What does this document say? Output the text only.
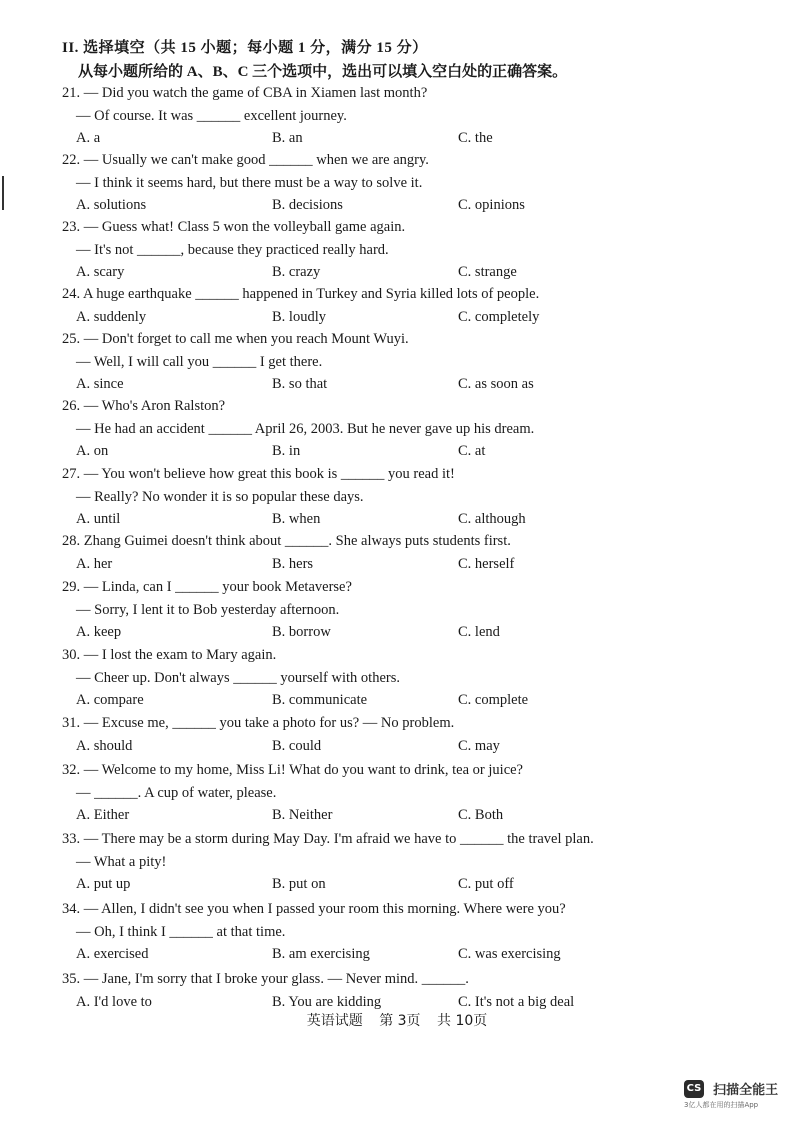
II. 选择填空（共 15 小题；每小题 1 分，满分 15 分）
从每小题所给的 A、B、C 三个选项中，选出可以填入空白处的正确答案。
21. — Did you watch the game of CBA in Xiamen last month?
— Of course. It was ______ excellent journey.
A. a	B. an	C. the
22. — Usually we can't make good ______ when we are angry.
— I think it seems hard, but there must be a way to solve it.
A. solutions	B. decisions	C. opinions
23. — Guess what! Class 5 won the volleyball game again.
— It's not ______, because they practiced really hard.
A. scary	B. crazy	C. strange
24. A huge earthquake ______ happened in Turkey and Syria killed lots of people.
A. suddenly	B. loudly	C. completely
25. — Don't forget to call me when you reach Mount Wuyi.
— Well, I will call you ______ I get there.
A. since	B. so that	C. as soon as
26. — Who's Aron Ralston?
— He had an accident ______ April 26, 2003. But he never gave up his dream.
A. on	B. in	C. at
27. — You won't believe how great this book is ______ you read it!
— Really? No wonder it is so popular these days.
A. until	B. when	C. although
28. Zhang Guimei doesn't think about ______. She always puts students first.
A. her	B. hers	C. herself
29. — Linda, can I ______ your book Metaverse?
— Sorry, I lent it to Bob yesterday afternoon.
A. keep	B. borrow	C. lend
30. — I lost the exam to Mary again.
— Cheer up. Don't always ______ yourself with others.
A. compare	B. communicate	C. complete
31. — Excuse me, ______ you take a photo for us? — No problem.
A. should	B. could	C. may
32. — Welcome to my home, Miss Li! What do you want to drink, tea or juice?
— ______. A cup of water, please.
A. Either	B. Neither	C. Both
33. — There may be a storm during May Day. I'm afraid we have to ______ the travel plan.
— What a pity!
A. put up	B. put on	C. put off
34. — Allen, I didn't see you when I passed your room this morning. Where were you?
— Oh, I think I ______ at that time.
A. exercised	B. am exercising	C. was exercising
35. — Jane, I'm sorry that I broke your glass. — Never mind. ______.
A. I'd love to	B. You are kidding	C. It's not a big deal
英语试题 第 3页 共 10页
CS 扫描全能王
3亿人都在用的扫描App
